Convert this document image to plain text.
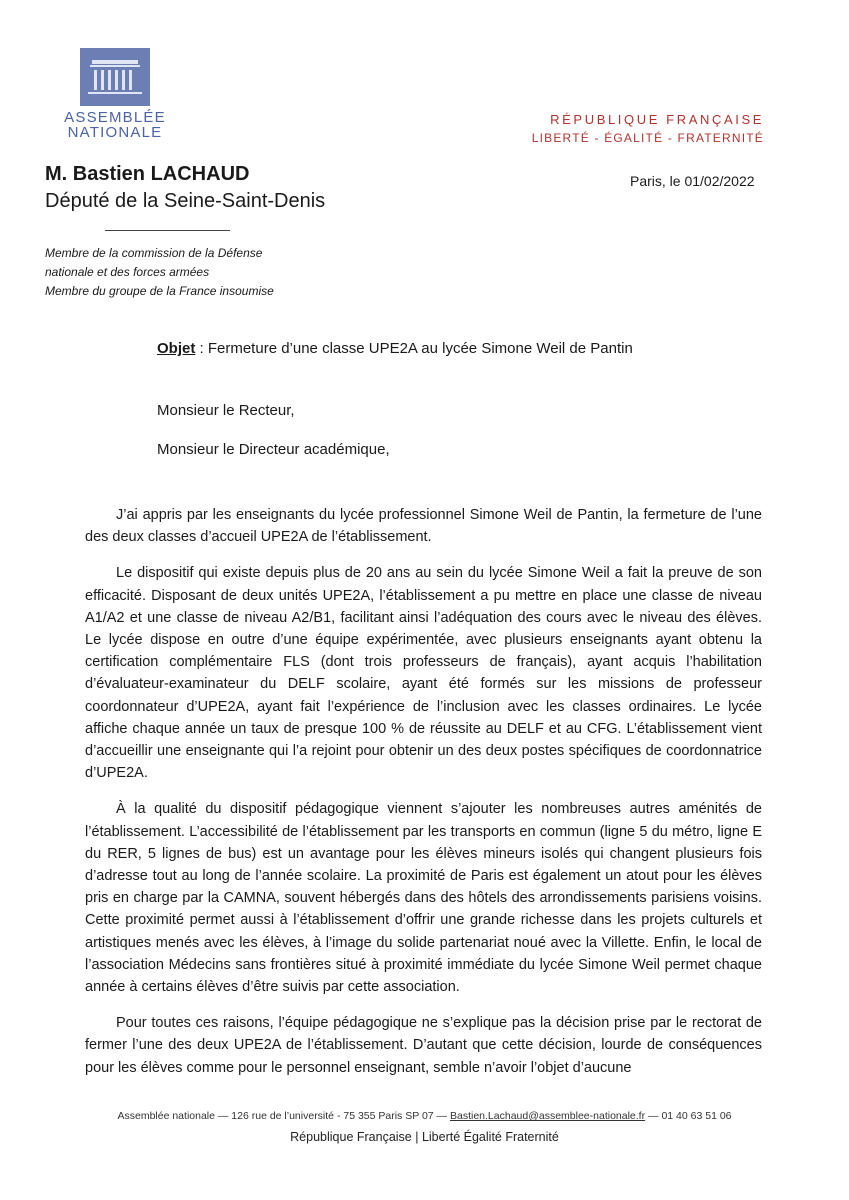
ASSEMBLÉE
NATIONALE
RÉPUBLIQUE FRANÇAISE
LIBERTÉ - ÉGALITÉ - FRATERNITÉ
M. Bastien LACHAUD
Député de la Seine-Saint-Denis
Paris, le 01/02/2022
Membre de la commission de la Défense
nationale et des forces armées
Membre du groupe de la France insoumise
Objet : Fermeture d’une classe UPE2A au lycée Simone Weil de Pantin
Monsieur le Recteur,
Monsieur le Directeur académique,

J’ai appris par les enseignants du lycée professionnel Simone Weil de Pantin, la fermeture de l’une des deux classes d’accueil UPE2A de l’établissement.

Le dispositif qui existe depuis plus de 20 ans au sein du lycée Simone Weil a fait la preuve de son efficacité. Disposant de deux unités UPE2A, l’établissement a pu mettre en place une classe de niveau A1/A2 et une classe de niveau A2/B1, facilitant ainsi l’adéquation des cours avec le niveau des élèves. Le lycée dispose en outre d’une équipe expérimentée, avec plusieurs enseignants ayant obtenu la certification complémentaire FLS (dont trois professeurs de français), ayant acquis l’habilitation d’évaluateur-examinateur du DELF scolaire, ayant été formés sur les missions de professeur coordonnateur d’UPE2A, ayant fait l’expérience de l’inclusion avec les classes ordinaires. Le lycée affiche chaque année un taux de presque 100 % de réussite au DELF et au CFG. L’établissement vient d’accueillir une enseignante qui l’a rejoint pour obtenir un des deux postes spécifiques de coordonnatrice d’UPE2A.

À la qualité du dispositif pédagogique viennent s’ajouter les nombreuses autres aménités de l’établissement. L’accessibilité de l’établissement par les transports en commun (ligne 5 du métro, ligne E du RER, 5 lignes de bus) est un avantage pour les élèves mineurs isolés qui changent plusieurs fois d’adresse tout au long de l’année scolaire. La proximité de Paris est également un atout pour les élèves pris en charge par la CAMNA, souvent hébergés dans des hôtels des arrondissements parisiens voisins. Cette proximité permet aussi à l’établissement d’offrir une grande richesse dans les projets culturels et artistiques menés avec les élèves, à l’image du solide partenariat noué avec la Villette. Enfin, le local de l’association Médecins sans frontières situé à proximité immédiate du lycée Simone Weil permet chaque année à certains élèves d’être suivis par cette association.

Pour toutes ces raisons, l’équipe pédagogique ne s’explique pas la décision prise par le rectorat de fermer l’une des deux UPE2A de l’établissement. D’autant que cette décision, lourde de conséquences pour les élèves comme pour le personnel enseignant, semble n’avoir l’objet d’aucune

Assemblée nationale — 126 rue de l’université - 75 355 Paris SP 07 — Bastien.Lachaud@assemblee-nationale.fr — 01 40 63 51 06
République Française | Liberté Égalité Fraternité
